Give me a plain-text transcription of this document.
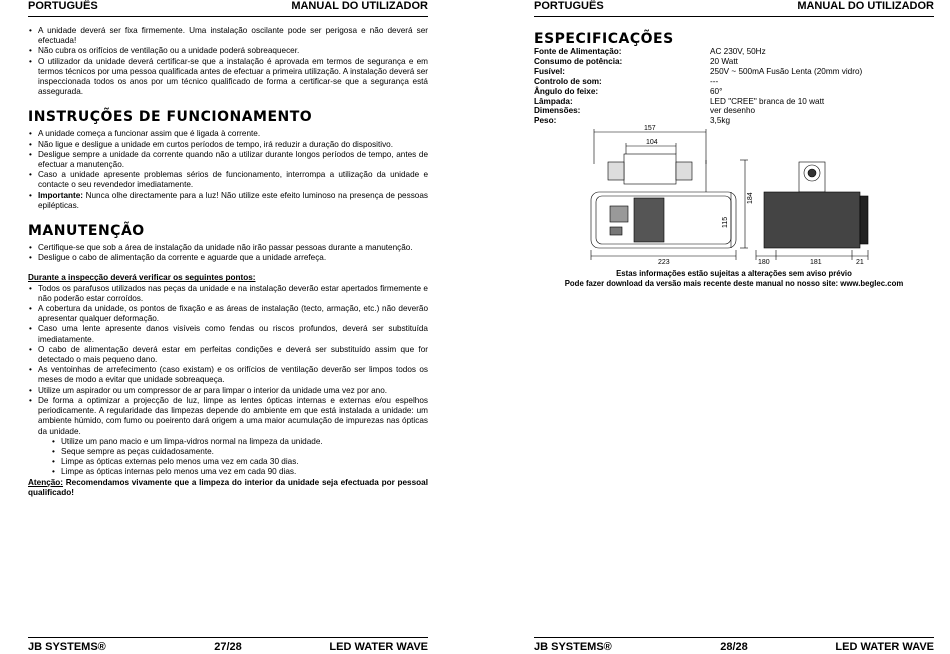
PORTUGUÊS	MANUAL DO UTILIZADOR
• A unidade deverá ser fixa firmemente. Uma instalação oscilante pode ser perigosa e não deverá ser efectuada!
• Não cubra os orifícios de ventilação ou a unidade poderá sobreaquecer.
• O utilizador da unidade deverá certificar-se que a instalação é aprovada em termos de segurança e em termos técnicos por uma pessoa qualificada antes de efectuar a primeira utilização. A instalação deverá ser inspeccionada todos os anos por um técnico qualificado de forma a certificar-se que a segurança está assegurada.
INSTRUÇÕES DE FUNCIONAMENTO
• A unidade começa a funcionar assim que é ligada à corrente.
• Não ligue e desligue a unidade em curtos períodos de tempo, irá reduzir a duração do dispositivo.
• Desligue sempre a unidade da corrente quando não a utilizar durante longos períodos de tempo, antes de efectuar a manutenção.
• Caso a unidade apresente problemas sérios de funcionamento, interrompa a utilização da unidade e contacte o seu revendedor imediatamente.
• Importante: Nunca olhe directamente para a luz! Não utilize este efeito luminoso na presença de pessoas epilépticas.
MANUTENÇÃO
• Certifique-se que sob a área de instalação da unidade não irão passar pessoas durante a manutenção.
• Desligue o cabo de alimentação da corrente e aguarde que a unidade arrefeça.
Durante a inspecção deverá verificar os seguintes pontos:
• Todos os parafusos utilizados nas peças da unidade e na instalação deverão estar apertados firmemente e não poderão estar corroídos.
• A cobertura da unidade, os pontos de fixação e as áreas de instalação (tecto, armação, etc.) não deverão apresentar qualquer deformação.
• Caso uma lente apresente danos visíveis como fendas ou riscos profundos, deverá ser substituída imediatamente.
• O cabo de alimentação deverá estar em perfeitas condições e deverá ser substituído assim que for detectado o mais pequeno dano.
• As ventoinhas de arrefecimento (caso existam) e os orifícios de ventilação deverão ser limpos todos os meses de modo a evitar que unidade sobreaqueça.
• Utilize um aspirador ou um compressor de ar para limpar o interior da unidade uma vez por ano.
• De forma a optimizar a projecção de luz, limpe as lentes ópticas internas e externas e/ou espelhos periodicamente. A regularidade das limpezas depende do ambiente em que está instalada a unidade: um ambiente húmido, com fumo ou poeirento dará origem a uma maior acumulação de impurezas nas ópticas da unidade.
• Utilize um pano macio e um limpa-vidros normal na limpeza da unidade.
• Seque sempre as peças cuidadosamente.
• Limpe as ópticas externas pelo menos uma vez em cada 30 dias.
• Limpe as ópticas internas pelo menos uma vez em cada 90 dias.
Atenção: Recomendamos vivamente que a limpeza do interior da unidade seja efectuada por pessoal qualificado!
JB SYSTEMS®	27/28	LED WATER WAVE
PORTUGUÊS	MANUAL DO UTILIZADOR
ESPECIFICAÇÕES
Fonte de Alimentação:	AC 230V, 50Hz
Consumo de potência:	20 Watt
Fusível:	250V ~ 500mA Fusão Lenta (20mm vidro)
Controlo de som:	---
Ângulo do feixe:	60°
Lâmpada:	LED "CREE" branca de 10 watt
Dimensões:	ver desenho
Peso:	3,5kg
157
104
184
115
223	180	181	21
Estas informações estão sujeitas a alterações sem aviso prévio
Pode fazer download da versão mais recente deste manual no nosso site: www.beglec.com
JB SYSTEMS®	28/28	LED WATER WAVE
